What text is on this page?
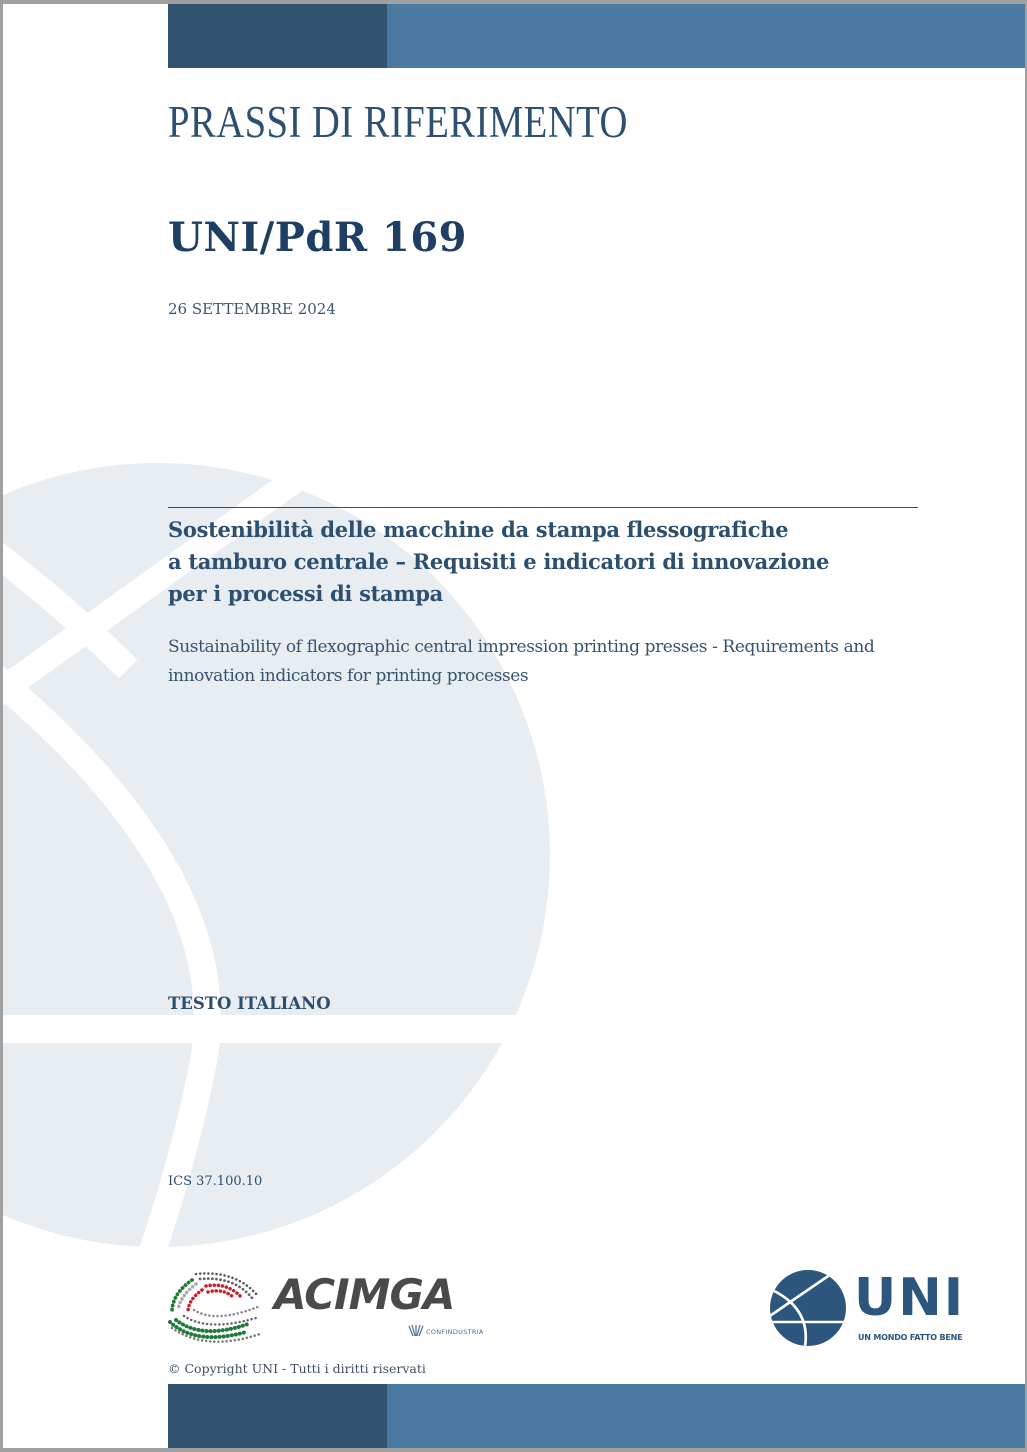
PRASSI DI RIFERIMENTO
UNI/PdR 169
26 SETTEMBRE 2024
Sostenibilità delle macchine da stampa flessografiche
a tamburo centrale – Requisiti e indicatori di innovazione
per i processi di stampa
Sustainability of flexographic central impression printing presses - Requirements and
innovation indicators for printing processes
TESTO ITALIANO
ICS 37.100.10
ACIMGA
CONFINDUSTRIA
UNI
UN MONDO FATTO BENE
© Copyright UNI - Tutti i diritti riservati
